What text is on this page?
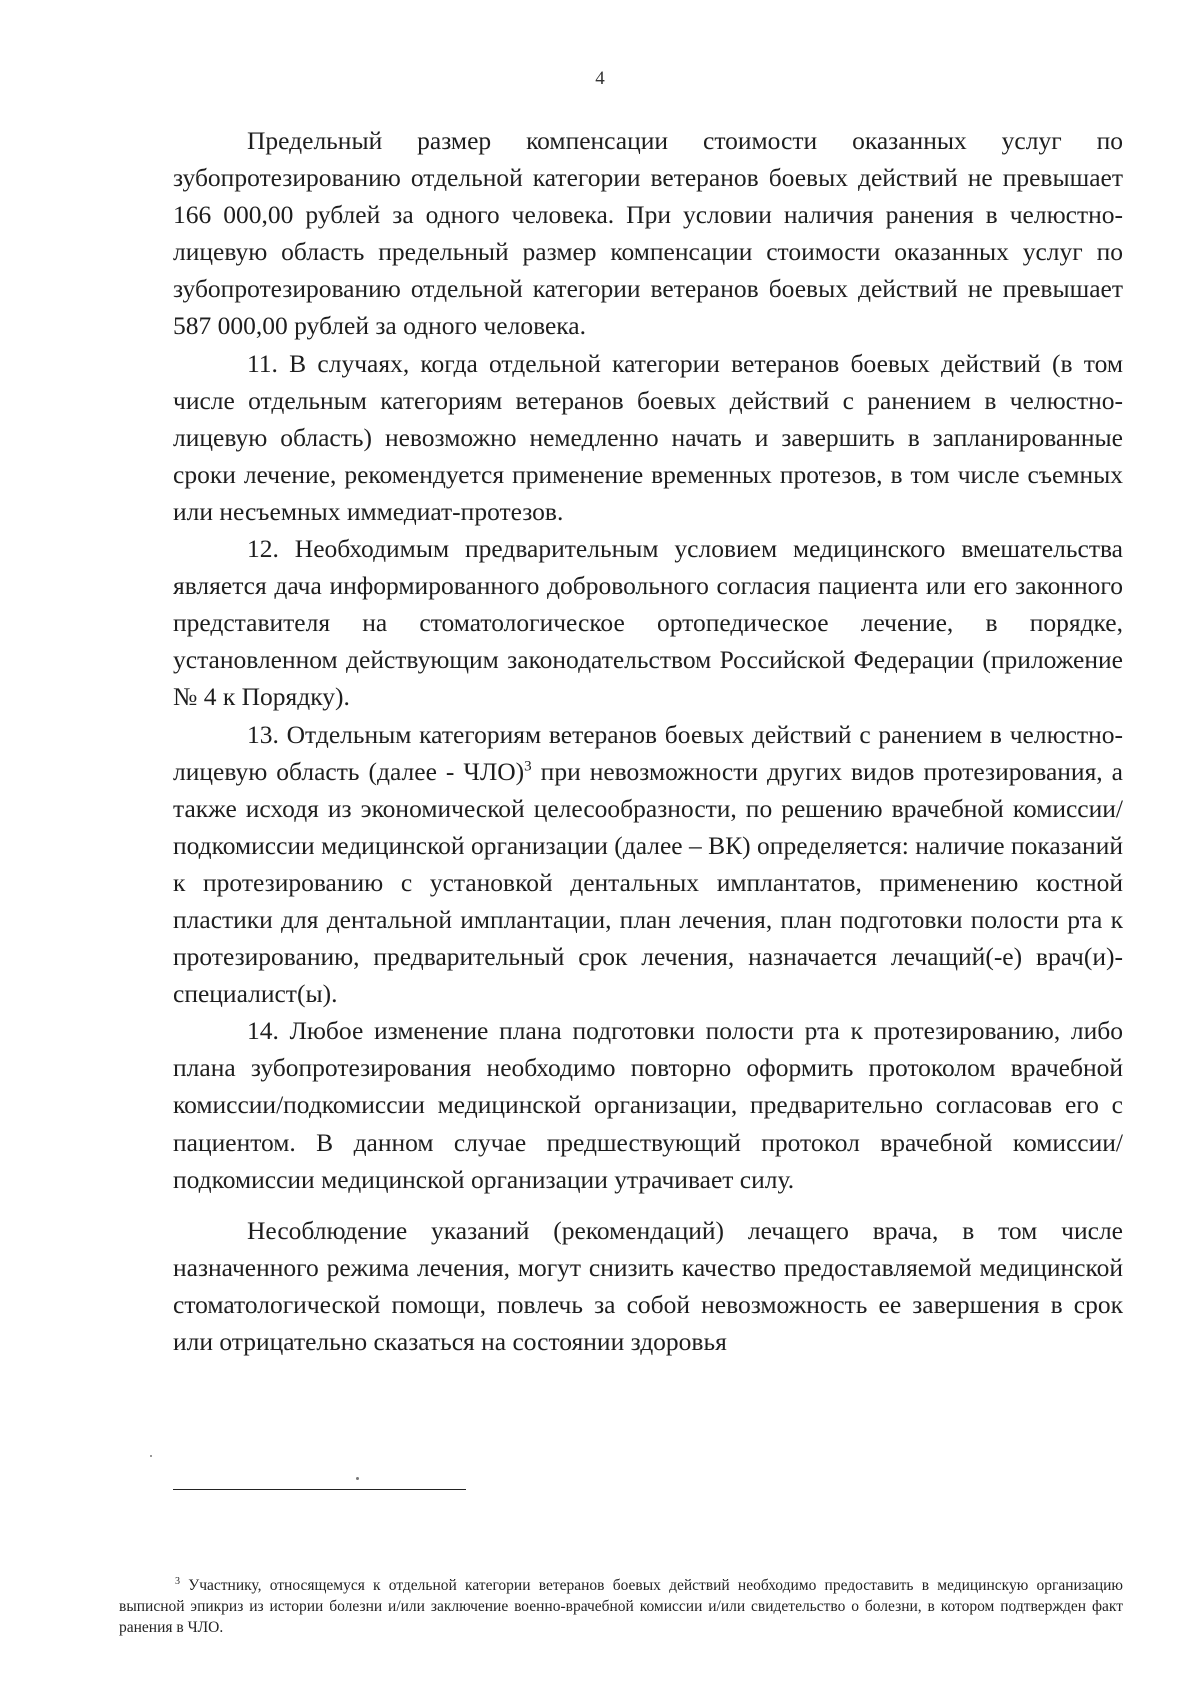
4

Предельный размер компенсации стоимости оказанных услуг по зубопротезированию отдельной категории ветеранов боевых действий не превышает 166 000,00 рублей за одного человека. При условии наличия ранения в челюстно-лицевую область предельный размер компенсации стоимости оказанных услуг по зубопротезированию отдельной категории ветеранов боевых действий не превышает 587 000,00 рублей за одного человека.

11. В случаях, когда отдельной категории ветеранов боевых действий (в том числе отдельным категориям ветеранов боевых действий с ранением в челюстно-лицевую область) невозможно немедленно начать и завершить в запланированные сроки лечение, рекомендуется применение временных протезов, в том числе съемных или несъемных иммедиат-протезов.

12. Необходимым предварительным условием медицинского вмешательства является дача информированного добровольного согласия пациента или его законного представителя на стоматологическое ортопедическое лечение, в порядке, установленном действующим законодательством Российской Федерации (приложение № 4 к Порядку).

13. Отдельным категориям ветеранов боевых действий с ранением в челюстно-лицевую область (далее - ЧЛО)$^3$ при невозможности других видов протезирования, а также исходя из экономической целесообразности, по решению врачебной комиссии/ подкомиссии медицинской организации (далее – ВК) определяется: наличие показаний к протезированию с установкой дентальных имплантатов, применению костной пластики для дентальной имплантации, план лечения, план подготовки полости рта к протезированию, предварительный срок лечения, назначается лечащий(-е) врач(и)-специалист(ы).

14. Любое изменение плана подготовки полости рта к протезированию, либо плана зубопротезирования необходимо повторно оформить протоколом врачебной комиссии/подкомиссии медицинской организации, предварительно согласовав его с пациентом. В данном случае предшествующий протокол врачебной комиссии/подкомиссии медицинской организации утрачивает силу.

Несоблюдение указаний (рекомендаций) лечащего врача, в том числе назначенного режима лечения, могут снизить качество предоставляемой медицинской стоматологической помощи, повлечь за собой невозможность ее завершения в срок или отрицательно сказаться на состоянии здоровья

$^3$ Участнику, относящемуся к отдельной категории ветеранов боевых действий необходимо предоставить в медицинскую организацию выписной эпикриз из истории болезни и/или заключение военно-врачебной комиссии и/или свидетельство о болезни, в котором подтвержден факт ранения в ЧЛО.
